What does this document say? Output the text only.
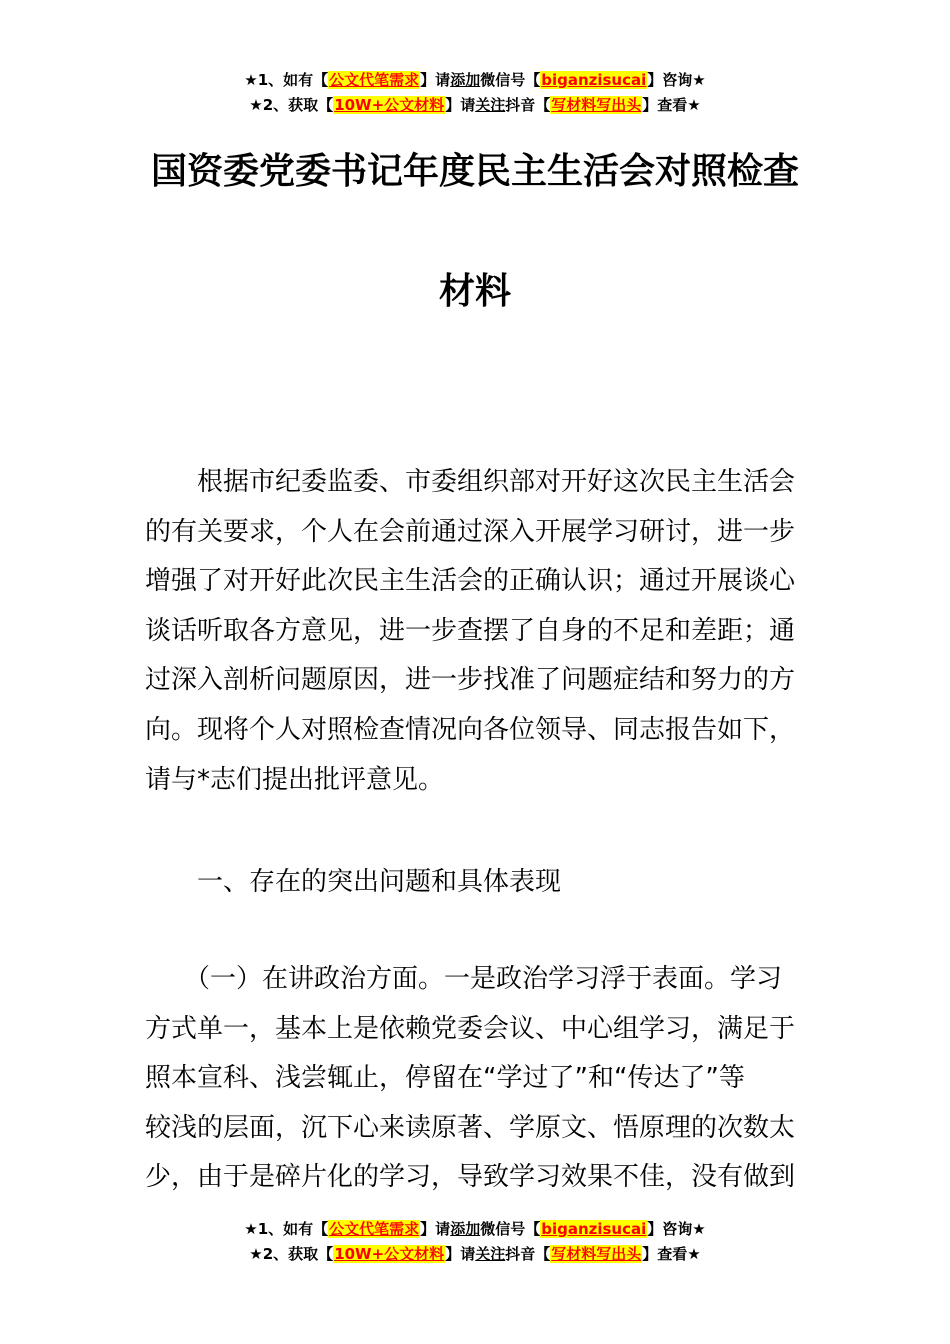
★1、如有【公文代笔需求】请添加微信号【biganzisucai】咨询★
★2、获取【10W+公文材料】请关注抖音【写材料写出头】查看★
国资委党委书记年度民主生活会对照检查
材料
　　根据市纪委监委、市委组织部对开好这次民主生活会
的有关要求，个人在会前通过深入开展学习研讨，进一步
增强了对开好此次民主生活会的正确认识；通过开展谈心
谈话听取各方意见，进一步查摆了自身的不足和差距；通
过深入剖析问题原因，进一步找准了问题症结和努力的方
向。现将个人对照检查情况向各位领导、同志报告如下，
请与*志们提出批评意见。
　　一、存在的突出问题和具体表现
　　（一）在讲政治方面。一是政治学习浮于表面。学习
方式单一，基本上是依赖党委会议、中心组学习，满足于
照本宣科、浅尝辄止，停留在“学过了”和“传达了”等
较浅的层面，沉下心来读原著、学原文、悟原理的次数太
少，由于是碎片化的学习，导致学习效果不佳，没有做到
★1、如有【公文代笔需求】请添加微信号【biganzisucai】咨询★
★2、获取【10W+公文材料】请关注抖音【写材料写出头】查看★
